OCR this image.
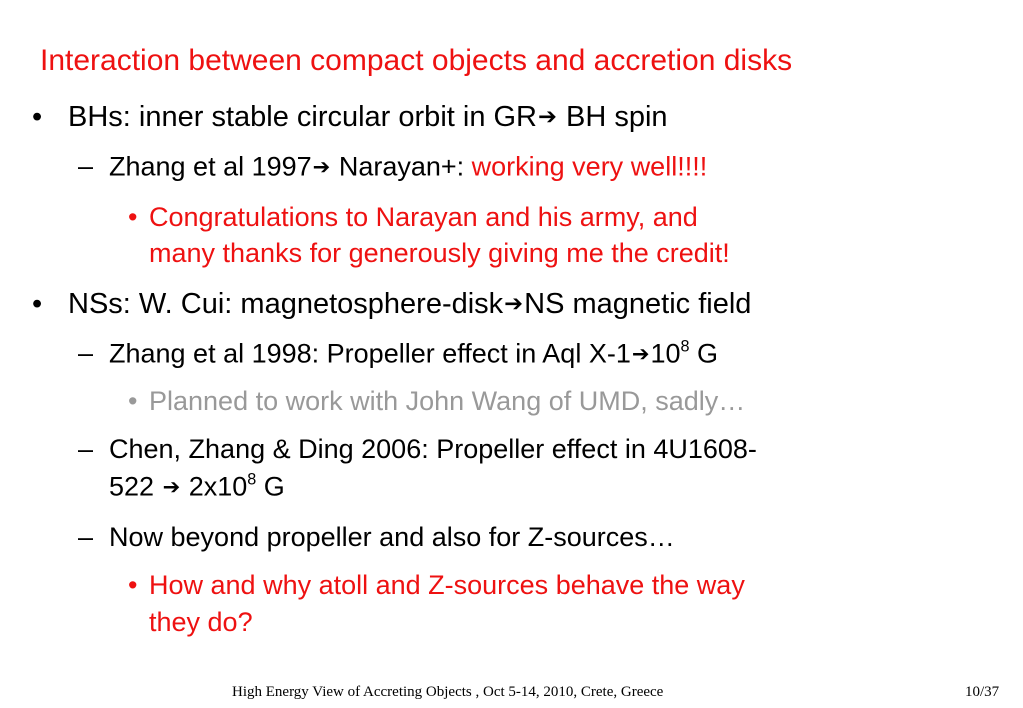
Interaction between compact objects and accretion disks
• BHs: inner stable circular orbit in GR➔ BH spin
– Zhang et al 1997➔ Narayan+: working very well!!!!
• Congratulations to Narayan and his army, and
many thanks for generously giving me the credit!
• NSs: W. Cui: magnetosphere-disk ➔ NS magnetic field
– Zhang et al 1998: Propeller effect in Aql X-1 ➔ $10^8$ G
• Planned to work with John Wang of UMD, sadly…
– Chen, Zhang & Ding 2006: Propeller effect in 4U1608-
522 ➔ $2x10^8$ G
– Now beyond propeller and also for Z-sources…
• How and why atoll and Z-sources behave the way
they do?
High Energy View of Accreting Objects , Oct 5-14, 2010, Crete, Greece	10/37
